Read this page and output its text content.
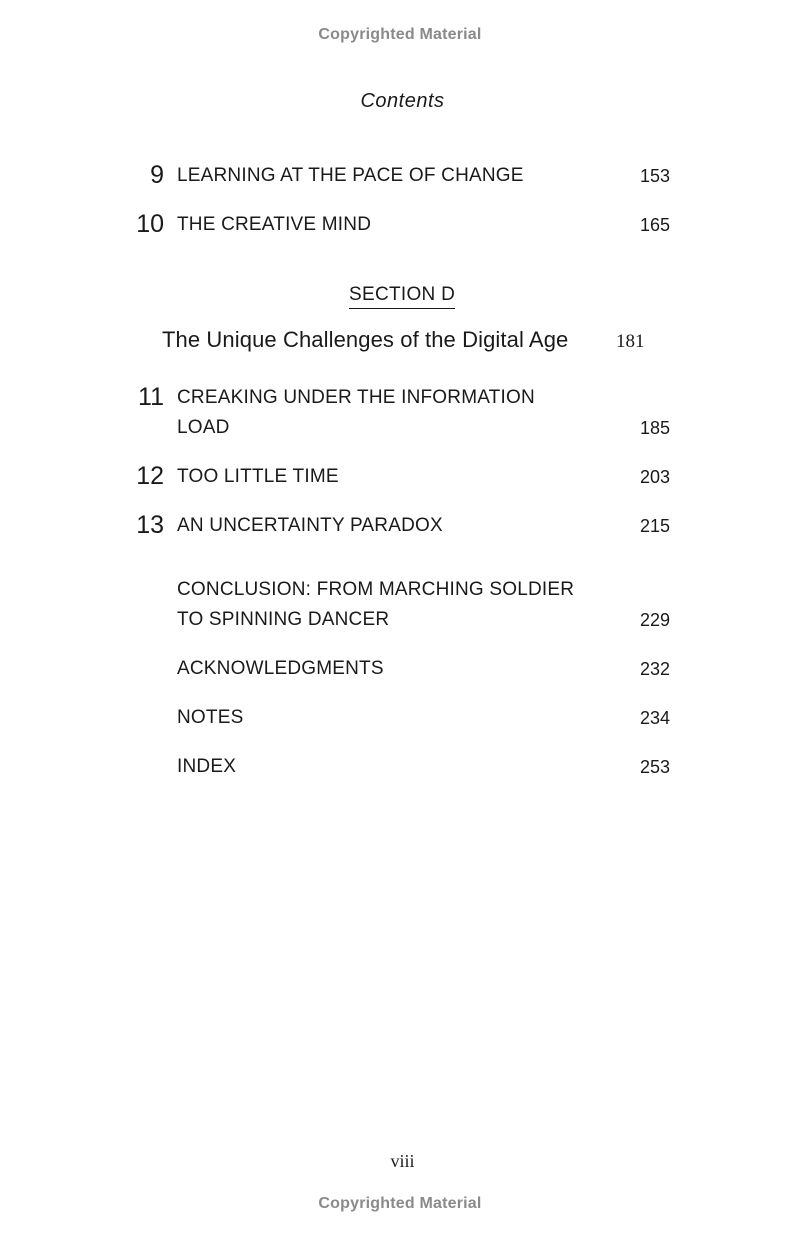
Copyrighted Material
Contents
9 LEARNING AT THE PACE OF CHANGE	153
10 THE CREATIVE MIND	165
SECTION D
The Unique Challenges of the Digital Age	181
11 CREAKING UNDER THE INFORMATION
LOAD	185
12 TOO LITTLE TIME	203
13 AN UNCERTAINTY PARADOX	215
CONCLUSION: FROM MARCHING SOLDIER
TO SPINNING DANCER	229
ACKNOWLEDGMENTS	232
NOTES	234
INDEX	253
viii
Copyrighted Material
